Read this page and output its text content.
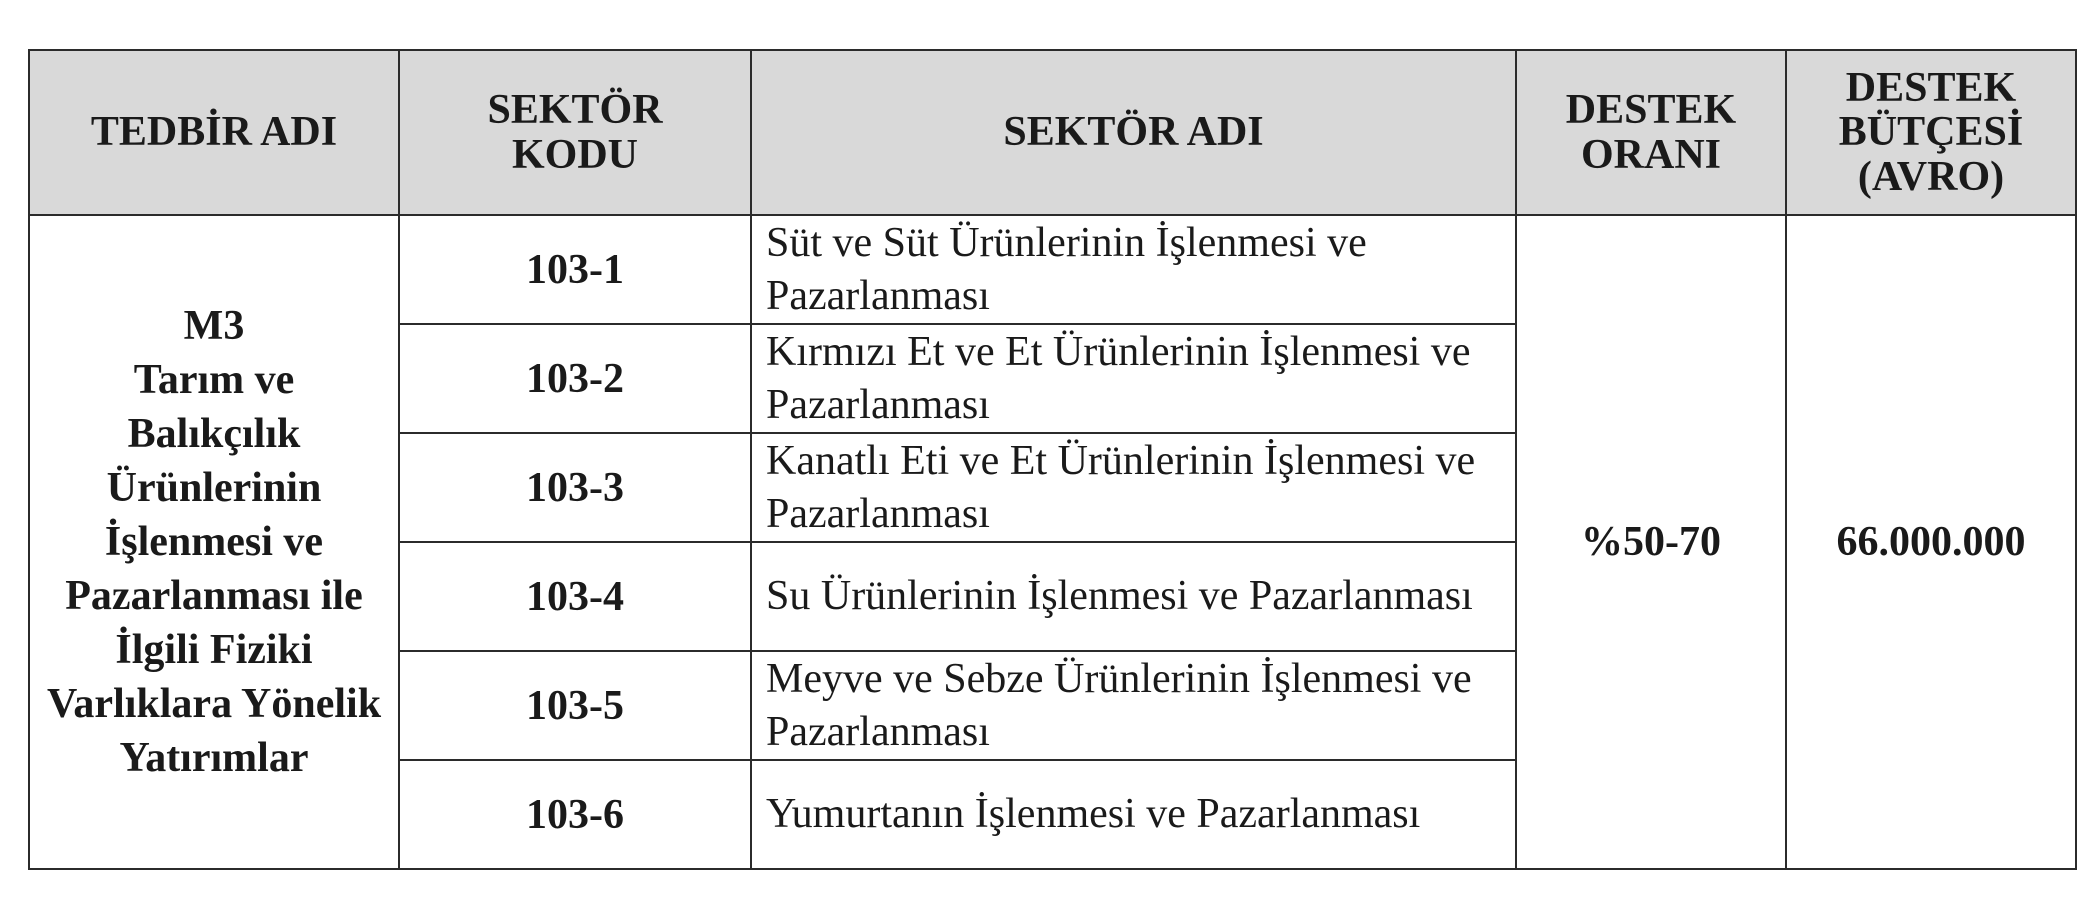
TEDBİR ADI	SEKTÖR KODU	SEKTÖR ADI	DESTEK ORANI	DESTEK BÜTÇESİ (AVRO)

M3
Tarım ve Balıkçılık Ürünlerinin İşlenmesi ve Pazarlanması ile İlgili Fiziki Varlıklara Yönelik Yatırımlar	103-1	Süt ve Süt Ürünlerinin İşlenmesi ve Pazarlanması	%50-70	66.000.000
	103-2	Kırmızı Et ve Et Ürünlerinin İşlenmesi ve Pazarlanması		

	103-3	Kanatlı Eti ve Et Ürünlerinin İşlenmesi ve Pazarlanması		

	103-4	Su Ürünlerinin İşlenmesi ve Pazarlanması		

	103-5	Meyve ve Sebze Ürünlerinin İşlenmesi ve Pazarlanması		

	103-6	Yumurtanın İşlenmesi ve Pazarlanması		
